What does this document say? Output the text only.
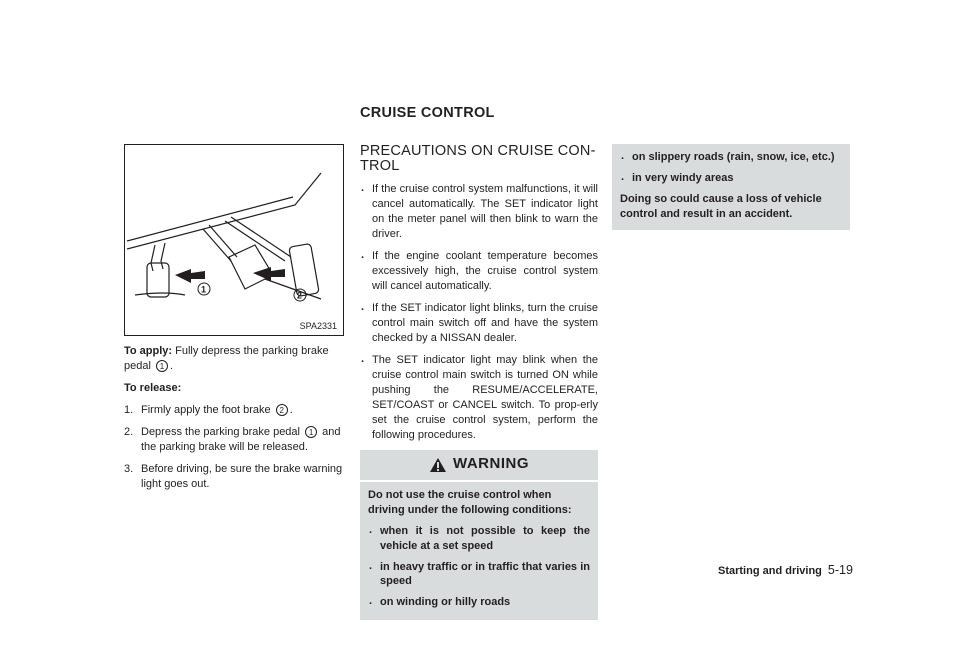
CRUISE CONTROL
1
2
SPA2331

To apply: Fully depress the parking brake pedal 1 .

To release:

1. Firmly apply the foot brake 2 .
2. Depress the parking brake pedal 1 and the parking brake will be released.
3. Before driving, be sure the brake warning light goes out.
PRECAUTIONS ON CRUISE CON-TROL
. If the cruise control system malfunctions, it will cancel automatically. The SET indicator light on the meter panel will then blink to warn the driver.
. If the engine coolant temperature becomes excessively high, the cruise control system will cancel automatically.
. If the SET indicator light blinks, turn the cruise control main switch off and have the system checked by a NISSAN dealer.
. The SET indicator light may blink when the cruise control main switch is turned ON while pushing the RESUME/ACCELERATE, SET/COAST or CANCEL switch. To prop-erly set the cruise control system, perform the following procedures.
WARNING

Do not use the cruise control when driving under the following conditions:

. when it is not possible to keep the vehicle at a set speed
. in heavy traffic or in traffic that varies in speed
. on winding or hilly roads
. on slippery roads (rain, snow, ice, etc.)
. in very windy areas

Doing so could cause a loss of vehicle control and result in an accident.

Starting and driving 5-19
